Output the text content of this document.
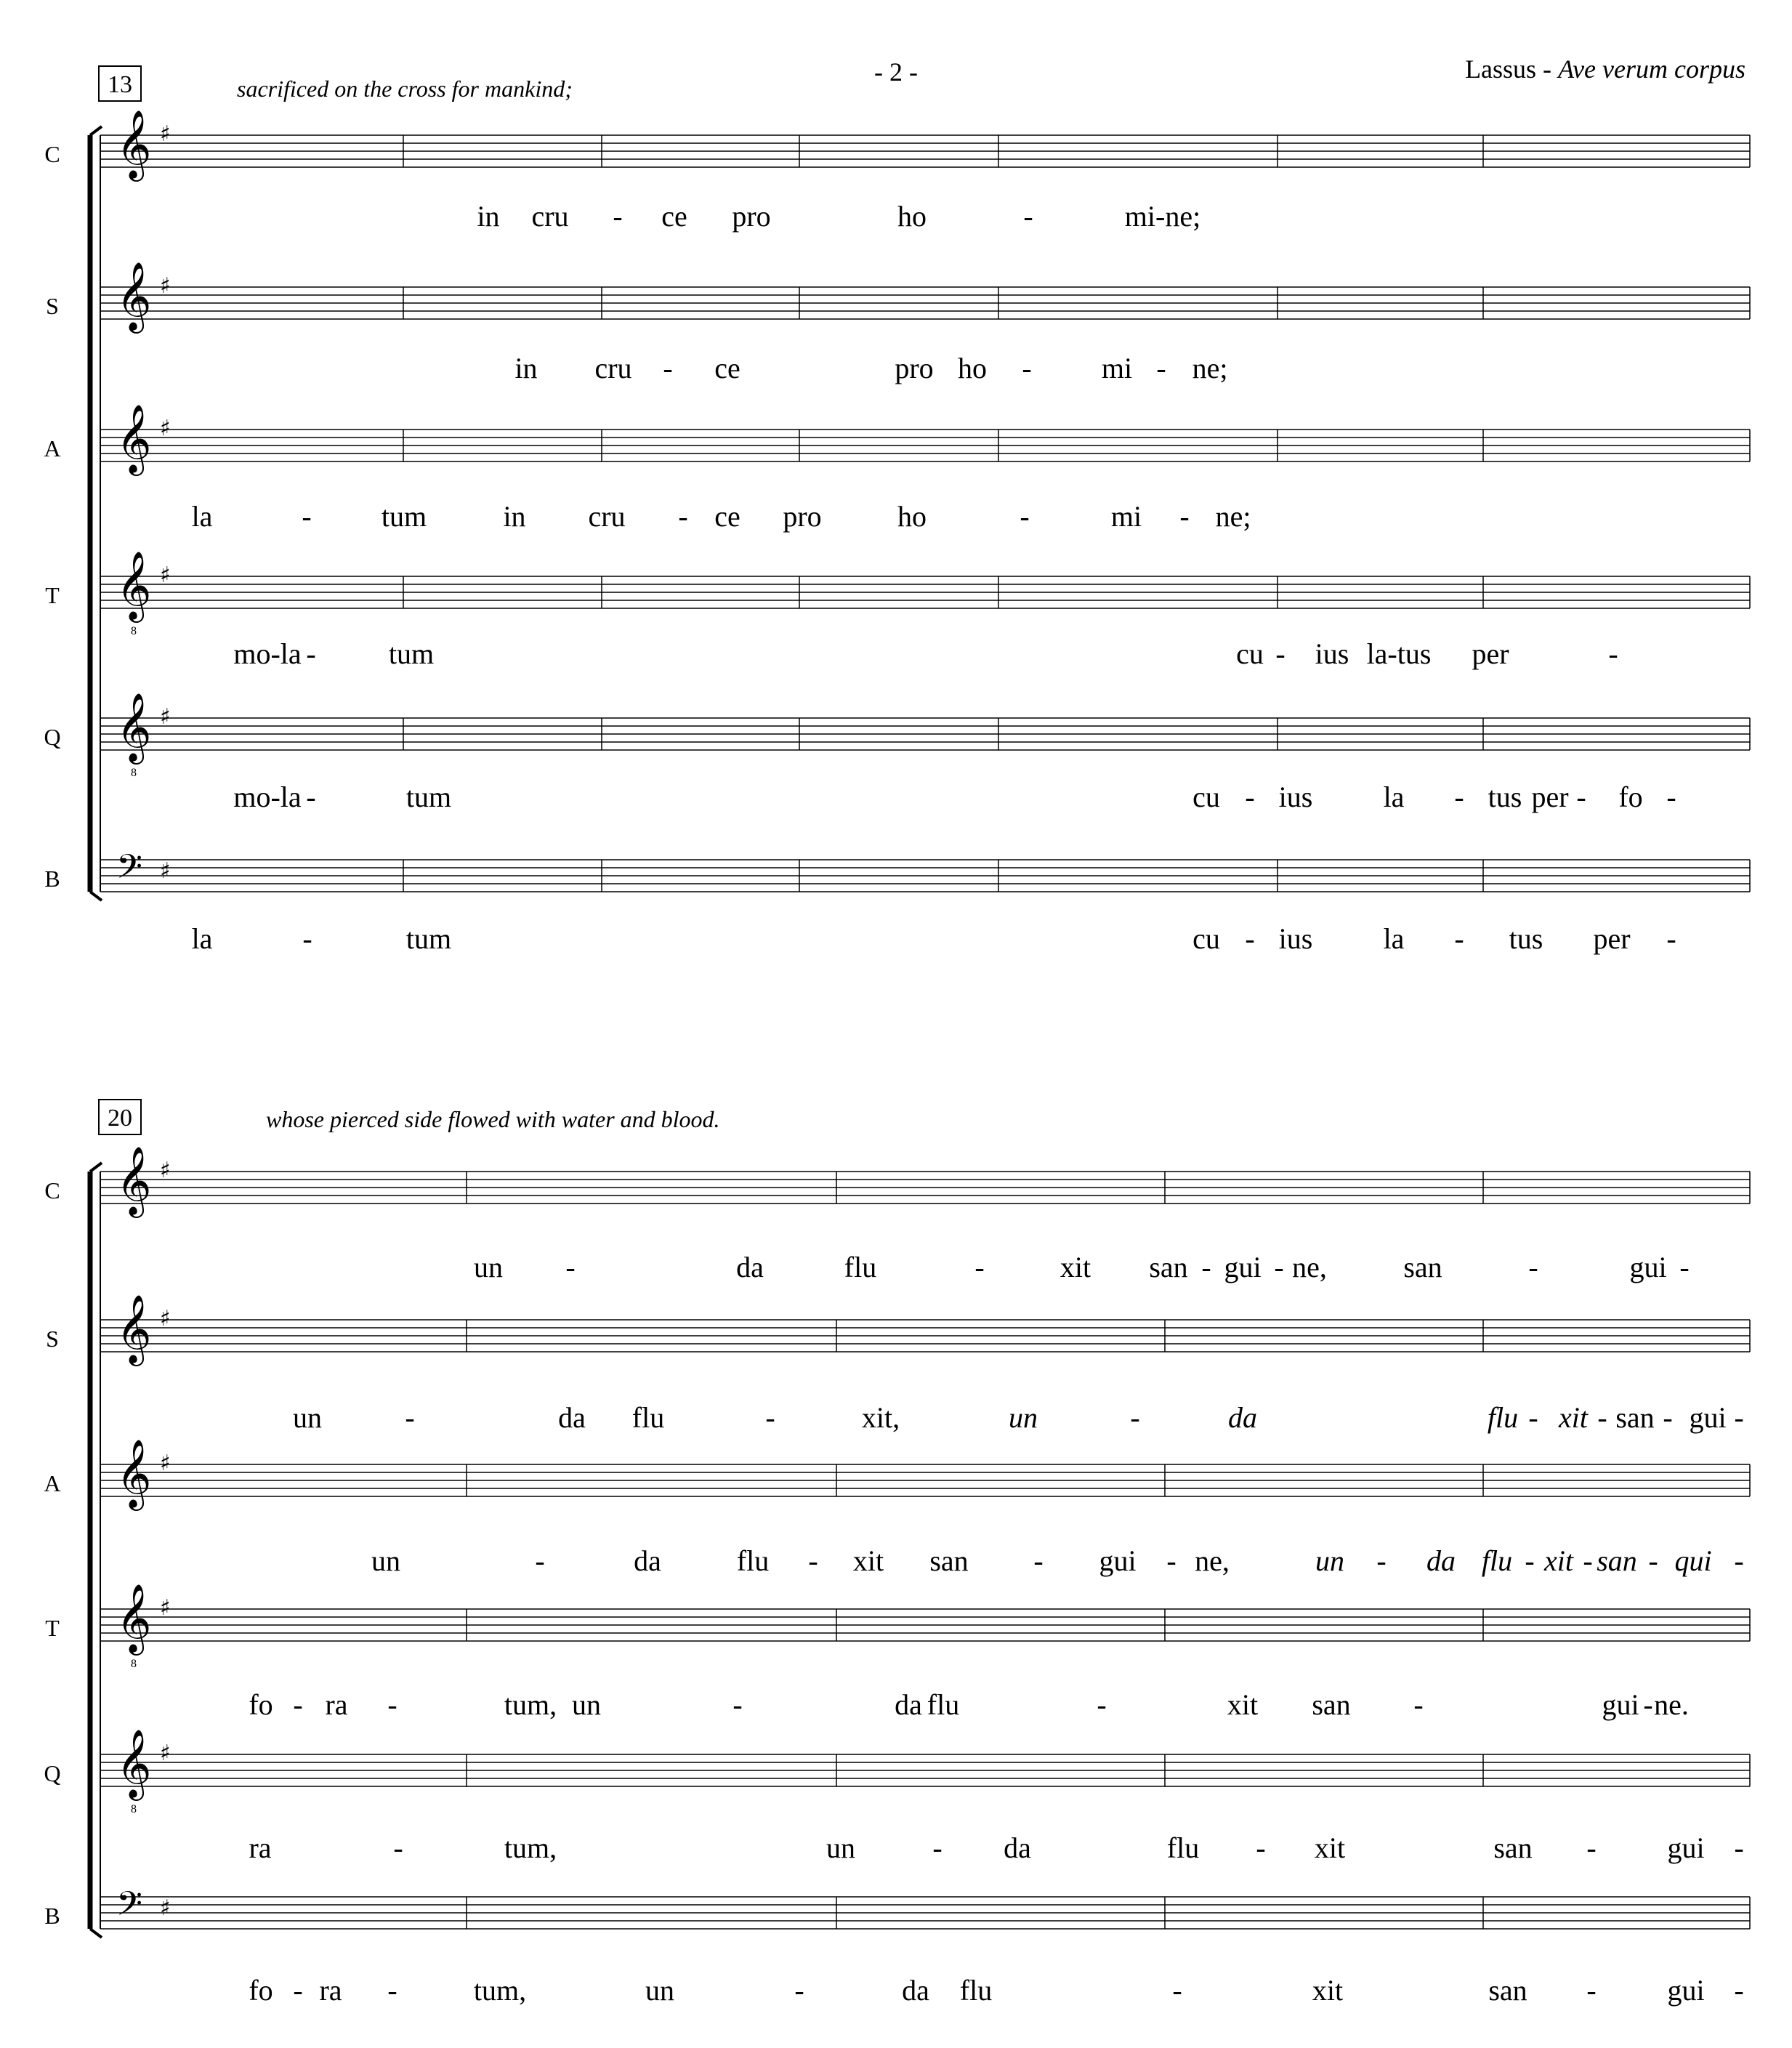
- 2 -	Lassus - Ave verum corpus
13	sacrificed on the cross for mankind;
20	whose pierced side flowed with water and blood.
𝄞 ♯
𝄞 ♯
𝄞 ♯
𝄞
8
♯
𝄞
8
♯
𝄢 ♯
𝄞 ♯
𝄞 ♯
𝄞 ♯
𝄞
8
♯
𝄞
8
♯
𝄢 ♯
C
in cru - ce pro	ho	-	mi-ne;
S
in cru - ce	pro ho - mi - ne;
A
la	- tum	in cru - ce pro	ho	-	mi - ne;
T
mo-la -	tum	cu - ius la-tus per	-
Q
mo-la -	tum	cu - ius la - tus per - fo -
B
la	-	tum	cu - ius la - tus per -
C
un -	da	flu	-	xit san - gui - ne,	san	-	gui -
S
un	-	da flu	-	xit,	un	-	da	flu - xit - san - gui -
A
un	-	da	flu - xit san - gui - ne,	un - da flu - xit - san - qui -
T
fo - ra -	tum, un	-	da flu	-	xit san -	gui - ne.
Q
ra	-	tum,	un	- da	flu - xit	san - gui -
B
fo - ra -	tum,	un	-	da flu	-	xit	san - gui -
